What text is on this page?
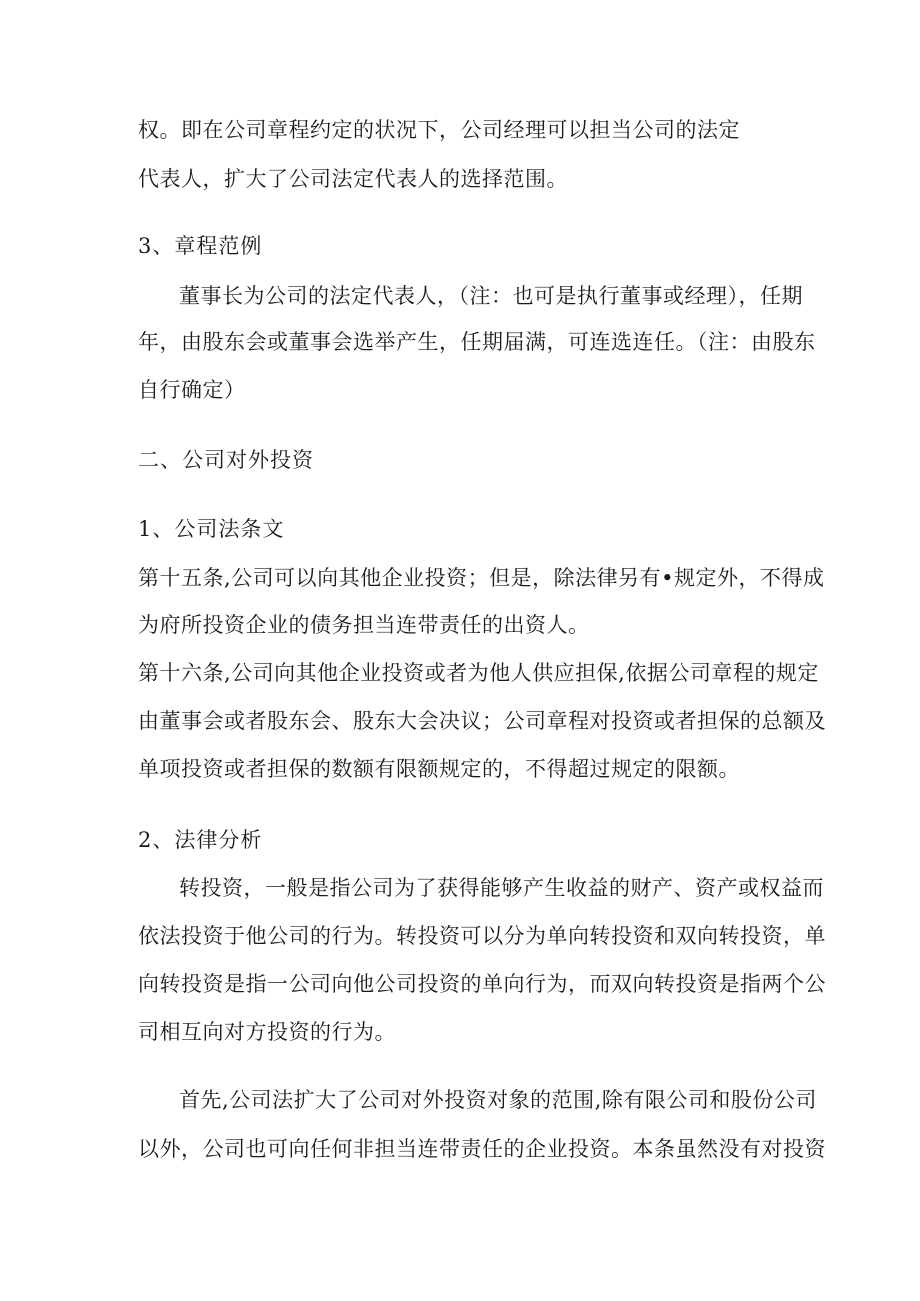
权。即在公司章程约定的状况下，公司经理可以担当公司的法定
代表人，扩大了公司法定代表人的选择范围。
3、章程范例
董事长为公司的法定代表人，（注：也可是执行董事或经理），任期
年，由股东会或董事会选举产生，任期届满，可连选连任。（注：由股东
自行确定）
二、公司对外投资
1、公司法条文
第十五条,公司可以向其他企业投资；但是，除法律另有•规定外，不得成
为府所投资企业的债务担当连带责任的出资人。
第十六条,公司向其他企业投资或者为他人供应担保,依据公司章程的规定
由董事会或者股东会、股东大会决议；公司章程对投资或者担保的总额及
单项投资或者担保的数额有限额规定的，不得超过规定的限额。
2、法律分析
转投资，一般是指公司为了获得能够产生收益的财产、资产或权益而
依法投资于他公司的行为。转投资可以分为单向转投资和双向转投资，单
向转投资是指一公司向他公司投资的单向行为，而双向转投资是指两个公
司相互向对方投资的行为。
首先,公司法扩大了公司对外投资对象的范围,除有限公司和股份公司
以外，公司也可向任何非担当连带责任的企业投资。本条虽然没有对投资
